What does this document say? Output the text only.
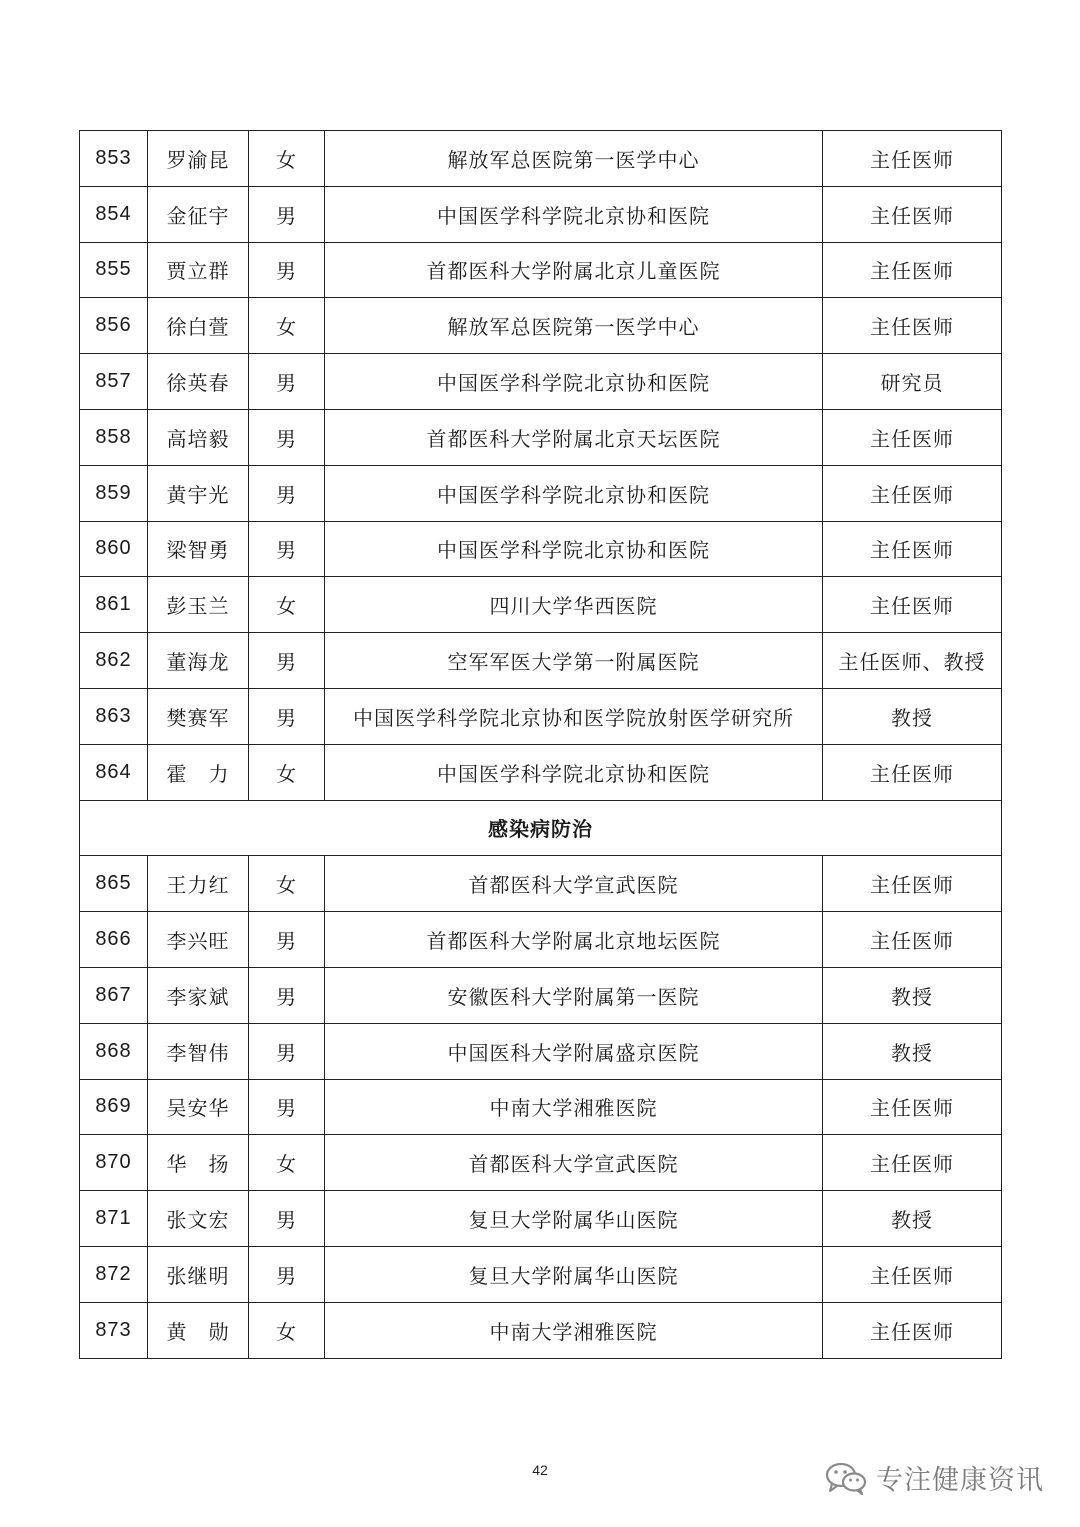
853	罗渝昆	女	解放军总医院第一医学中心	主任医师
854	金征宇	男	中国医学科学院北京协和医院	主任医师
855	贾立群	男	首都医科大学附属北京儿童医院	主任医师
856	徐白萱	女	解放军总医院第一医学中心	主任医师
857	徐英春	男	中国医学科学院北京协和医院	研究员
858	高培毅	男	首都医科大学附属北京天坛医院	主任医师
859	黄宇光	男	中国医学科学院北京协和医院	主任医师
860	梁智勇	男	中国医学科学院北京协和医院	主任医师
861	彭玉兰	女	四川大学华西医院	主任医师
862	董海龙	男	空军军医大学第一附属医院	主任医师、教授
863	樊赛军	男	中国医学科学院北京协和医学院放射医学研究所	教授
864	霍　力	女	中国医学科学院北京协和医院	主任医师
感染病防治				
865	王力红	女	首都医科大学宣武医院	主任医师
866	李兴旺	男	首都医科大学附属北京地坛医院	主任医师
867	李家斌	男	安徽医科大学附属第一医院	教授
868	李智伟	男	中国医科大学附属盛京医院	教授
869	吴安华	男	中南大学湘雅医院	主任医师
870	华　扬	女	首都医科大学宣武医院	主任医师
871	张文宏	男	复旦大学附属华山医院	教授
872	张继明	男	复旦大学附属华山医院	主任医师
873	黄　勋	女	中南大学湘雅医院	主任医师
42	专注健康资讯
